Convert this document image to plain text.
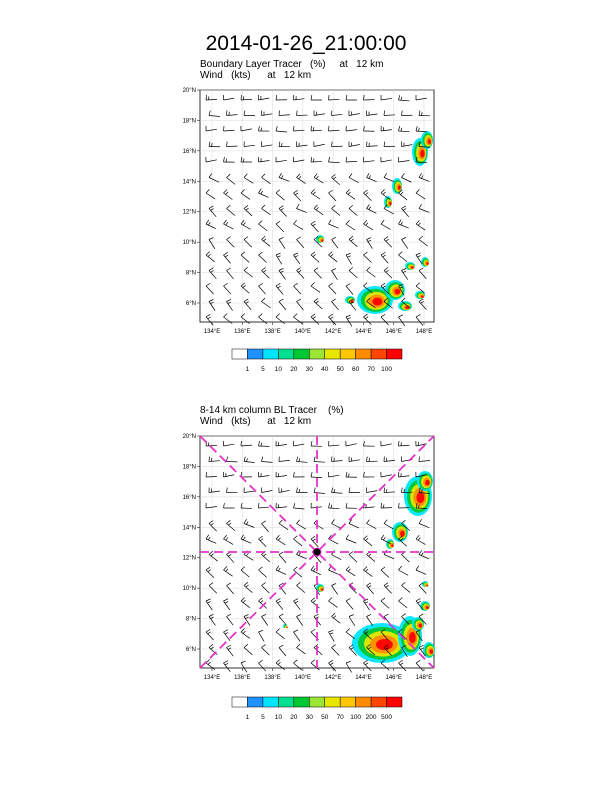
2014-01-26_21:00:00
Boundary Layer Tracer   (%)     at   12 km
Wind   (kts)      at   12 km
8-14 km column BL Tracer    (%)
Wind   (kts)      at   12 km
134°E 136°E 138°E 140°E 142°E 144°E 146°E 148°E
6°N
8°N
10°N
12°N
14°N
16°N
18°N
20°N
1 5 10 20 30 40 50 60 70 100
134°E 136°E 138°E 140°E 142°E 144°E 146°E 148°E
6°N
8°N
10°N
12°N
14°N
16°N
18°N
20°N
1 5 10 20 30 50 70 100 200 500
